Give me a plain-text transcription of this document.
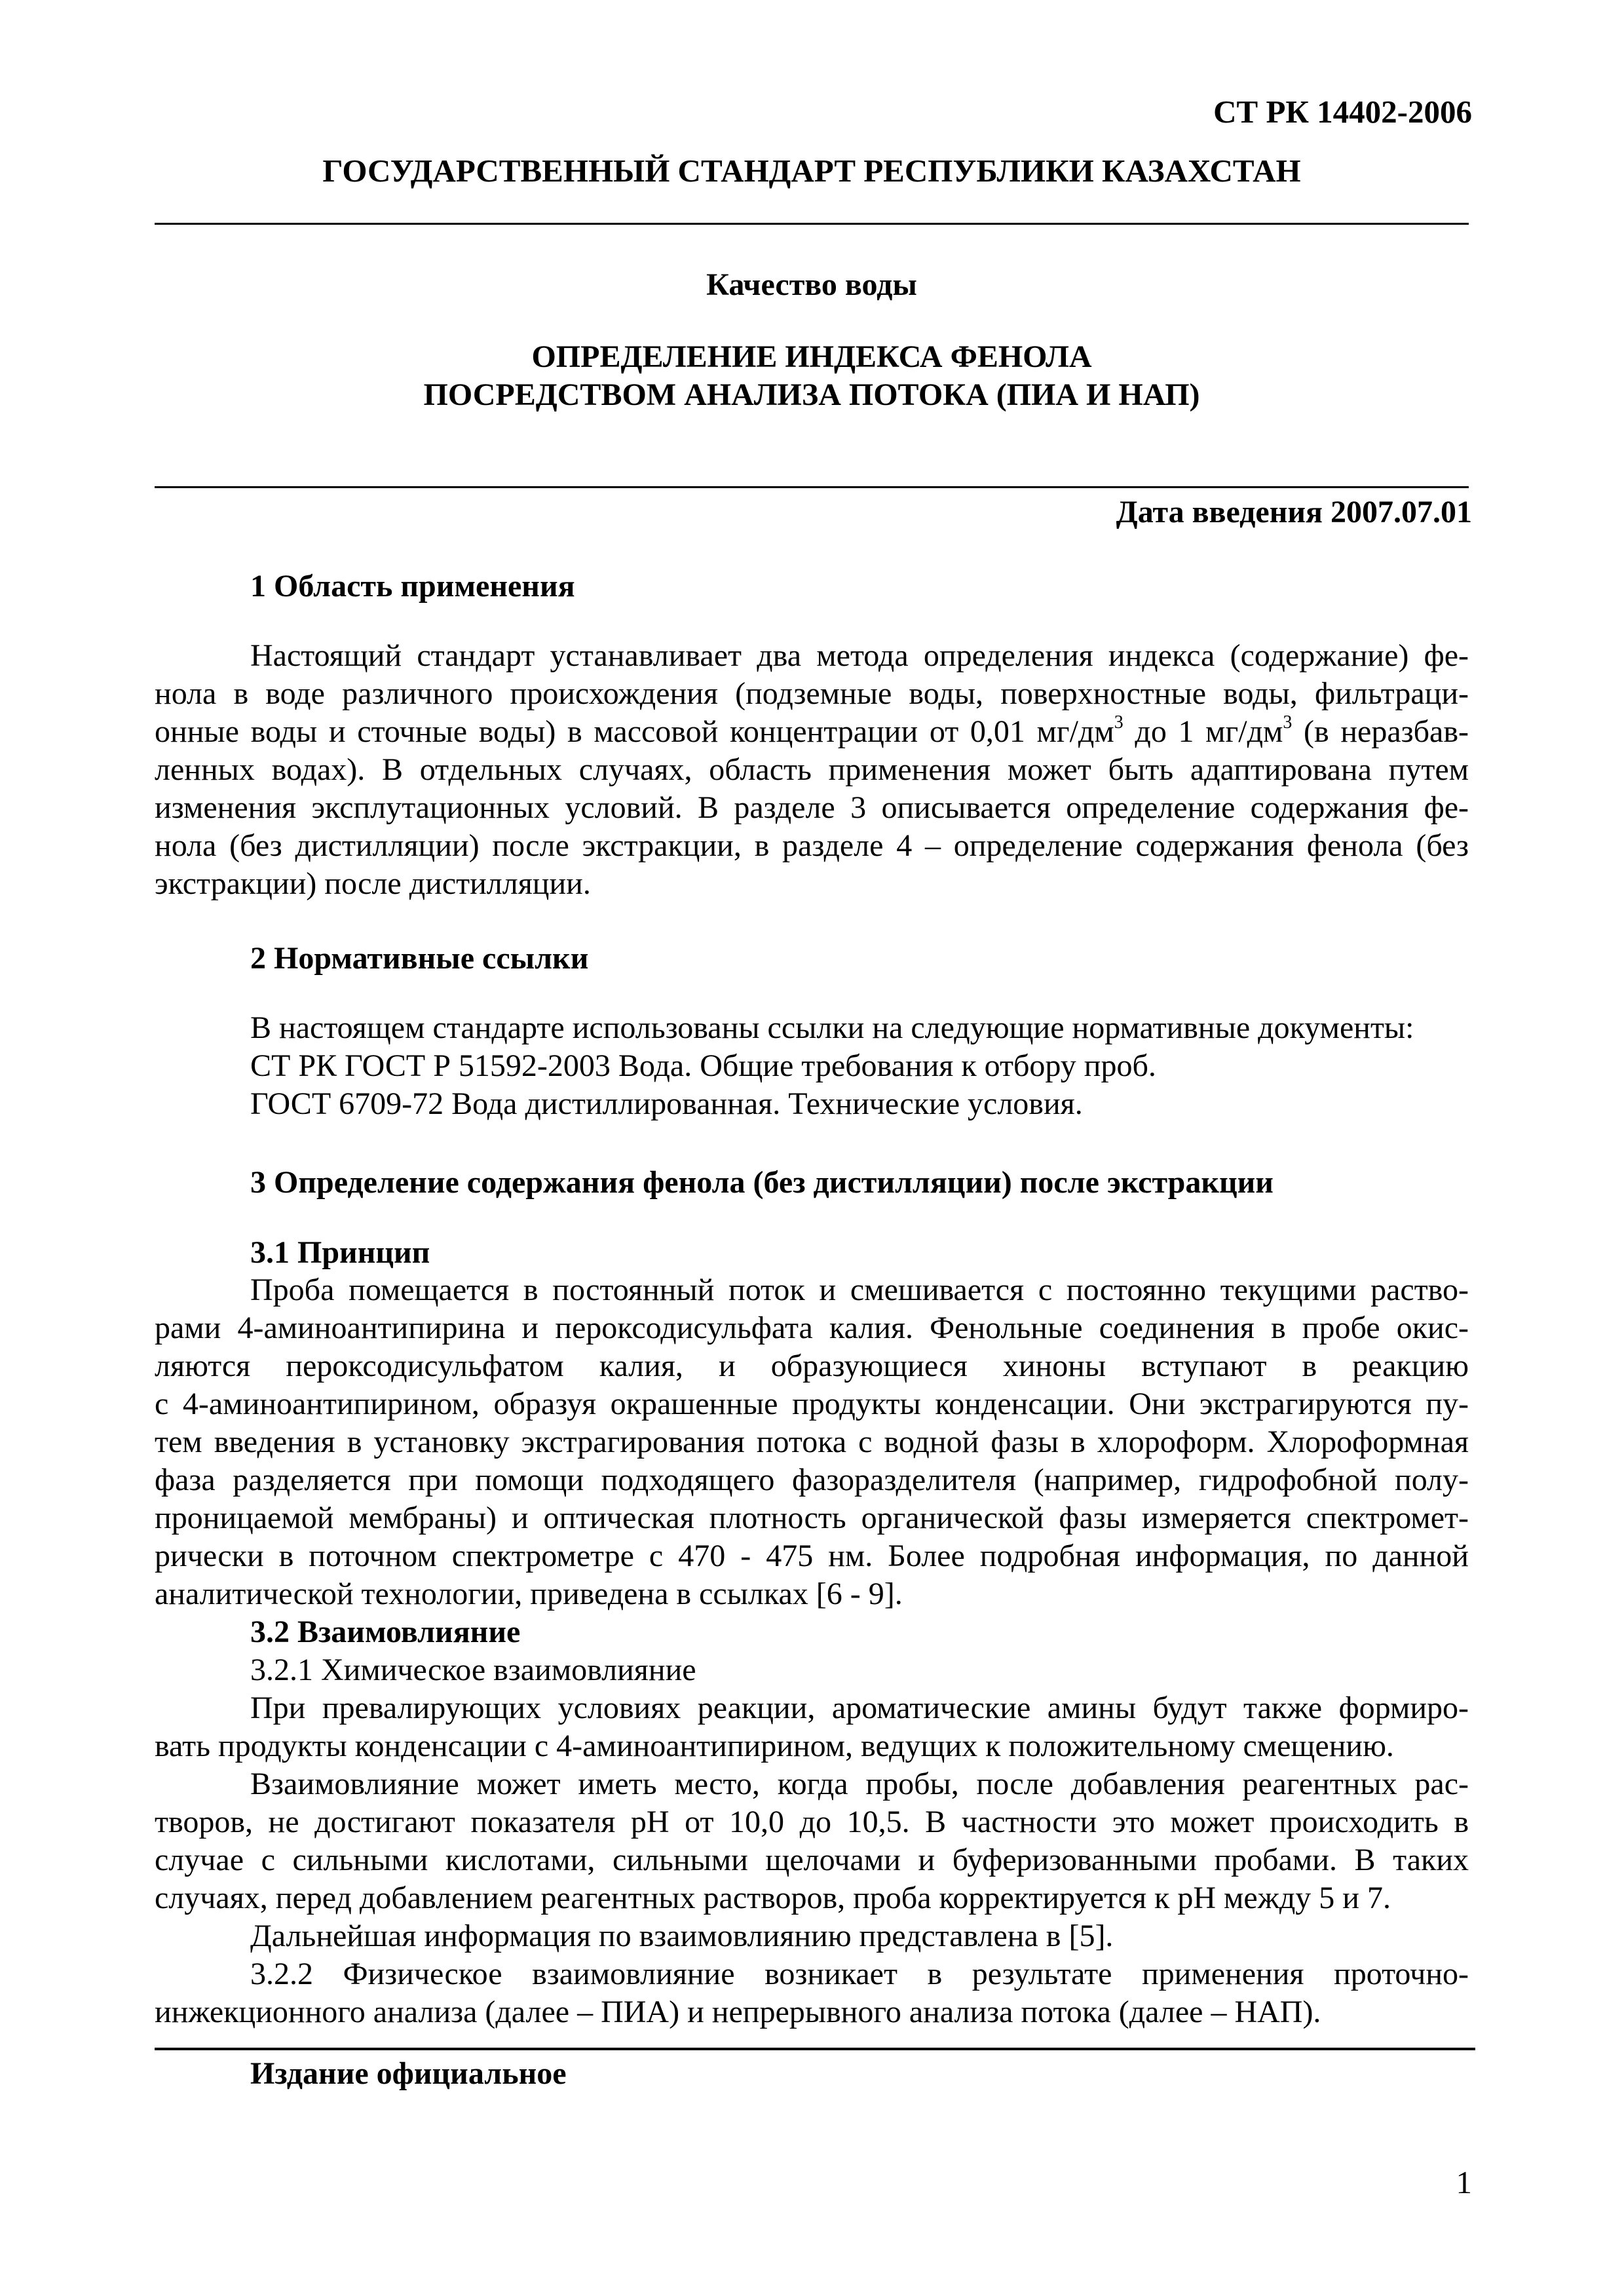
СТ РК 14402-2006
ГОСУДАРСТВЕННЫЙ СТАНДАРТ РЕСПУБЛИКИ КАЗАХСТАН
Качество воды
ОПРЕДЕЛЕНИЕ ИНДЕКСА ФЕНОЛА
ПОСРЕДСТВОМ АНАЛИЗА ПОТОКА (ПИА И НАП)
Дата введения 2007.07.01
1 Область применения
Настоящий стандарт устанавливает два метода определения индекса (содержание) фе-
нола в воде различного происхождения (подземные воды, поверхностные воды, фильтраци-
онные воды и сточные воды) в массовой концентрации от 0,01 $мг/дм^3$ до 1 $мг/дм^3$ (в неразбав-
ленных водах). В отдельных случаях, область применения может быть адаптирована путем
изменения эксплутационных условий. В разделе 3 описывается определение содержания фе-
нола (без дистилляции) после экстракции, в разделе 4 – определение содержания фенола (без
экстракции) после дистилляции.
2 Нормативные ссылки
В настоящем стандарте использованы ссылки на следующие нормативные документы:
СТ РК ГОСТ Р 51592-2003 Вода. Общие требования к отбору проб.
ГОСТ 6709-72 Вода дистиллированная. Технические условия.
3 Определение содержания фенола (без дистилляции) после экстракции
3.1 Принцип
Проба помещается в постоянный поток и смешивается с постоянно текущими раство-
рами 4-аминоантипирина и пероксодисульфата калия. Фенольные соединения в пробе окис-
ляются пероксодисульфатом калия, и образующиеся хиноны вступают в реакцию
с 4-аминоантипирином, образуя окрашенные продукты конденсации. Они экстрагируются пу-
тем введения в установку экстрагирования потока с водной фазы в хлороформ. Хлороформная
фаза разделяется при помощи подходящего фазоразделителя (например, гидрофобной полу-
проницаемой мембраны) и оптическая плотность органической фазы измеряется спектромет-
рически в поточном спектрометре с 470 - 475 нм. Более подробная информация, по данной
аналитической технологии, приведена в ссылках [6 - 9].
3.2 Взаимовлияние
3.2.1 Химическое взаимовлияние
При превалирующих условиях реакции, ароматические амины будут также формиро-
вать продукты конденсации с 4-аминоантипирином, ведущих к положительному смещению.
Взаимовлияние может иметь место, когда пробы, после добавления реагентных рас-
творов, не достигают показателя pH от 10,0 до 10,5. В частности это может происходить в
случае с сильными кислотами, сильными щелочами и буферизованными пробами. В таких
случаях, перед добавлением реагентных растворов, проба корректируется к pH между 5 и 7.
Дальнейшая информация по взаимовлиянию представлена в [5].
3.2.2 Физическое взаимовлияние возникает в результате применения проточно-
инжекционного анализа (далее – ПИА) и непрерывного анализа потока (далее – НАП).
Издание официальное
1
